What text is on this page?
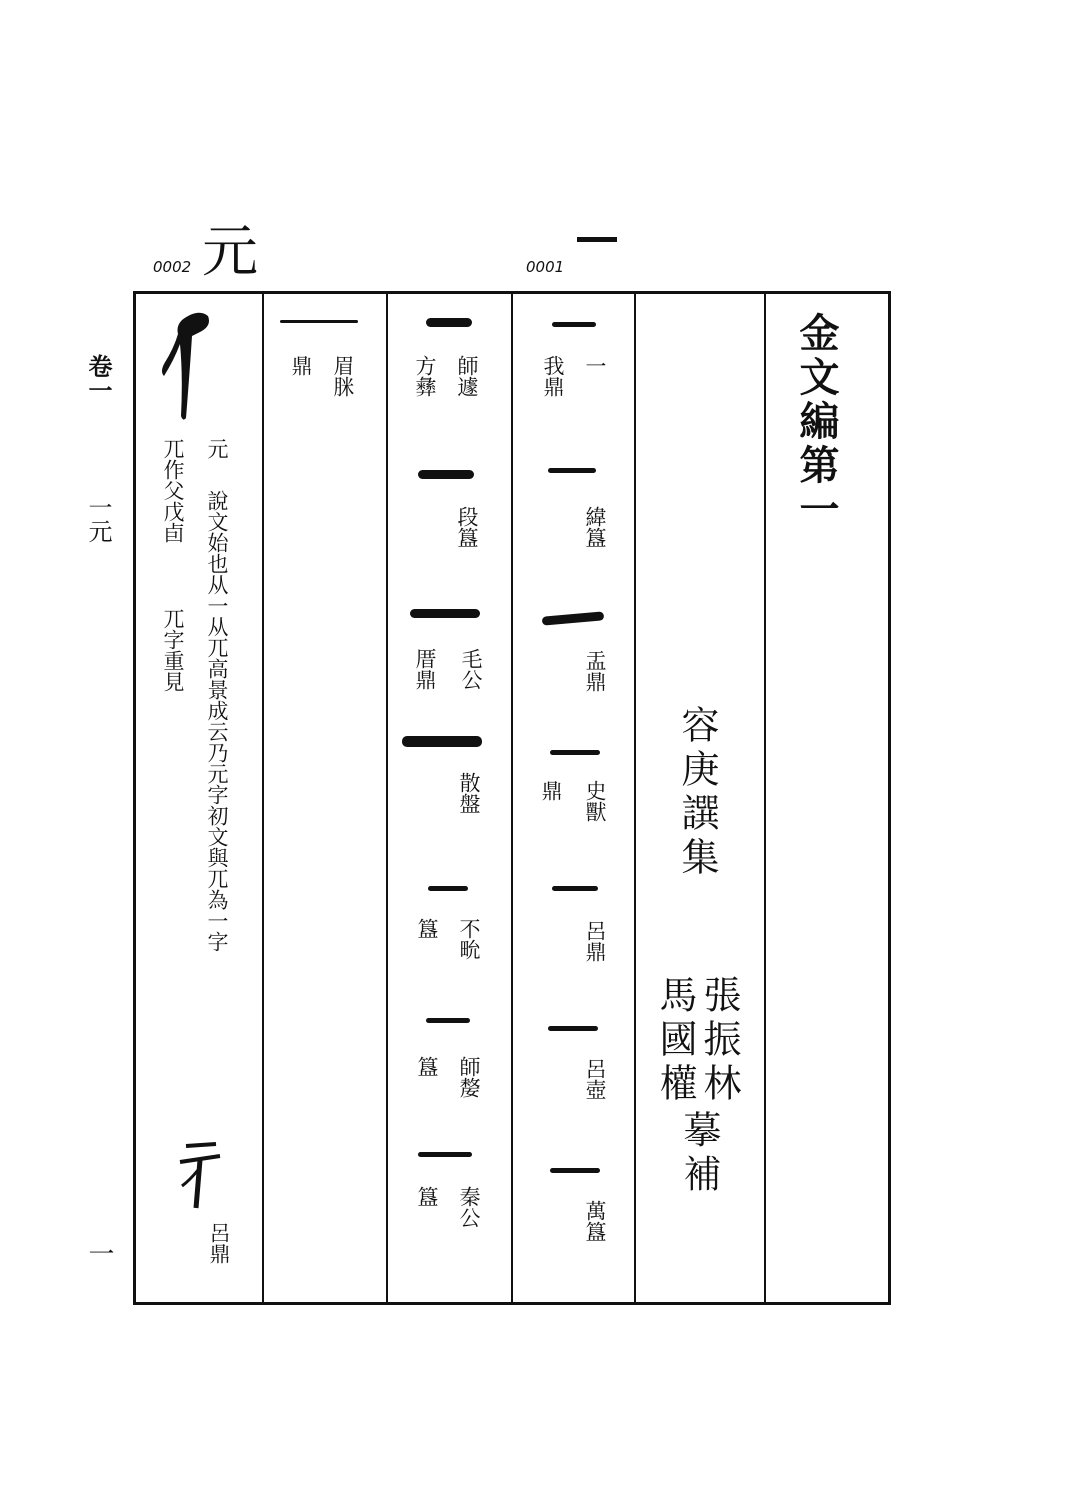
卷一
一元
一
0002 元	0001
金文編第一
容庚譔集
張振林
馬國權
摹補
一
我鼎
緯簋
盂鼎
史獸
鼎
呂鼎
呂壺
萬簋
師遽
方彝
段簋
毛公
厝鼎
散盤
不㽙
簋
師嫠
簋
秦公
簋
眉脒
鼎
元
說文始也从一从兀高景成云乃元字初文與兀為一字
兀作父戊卣
兀字重見
呂鼎
